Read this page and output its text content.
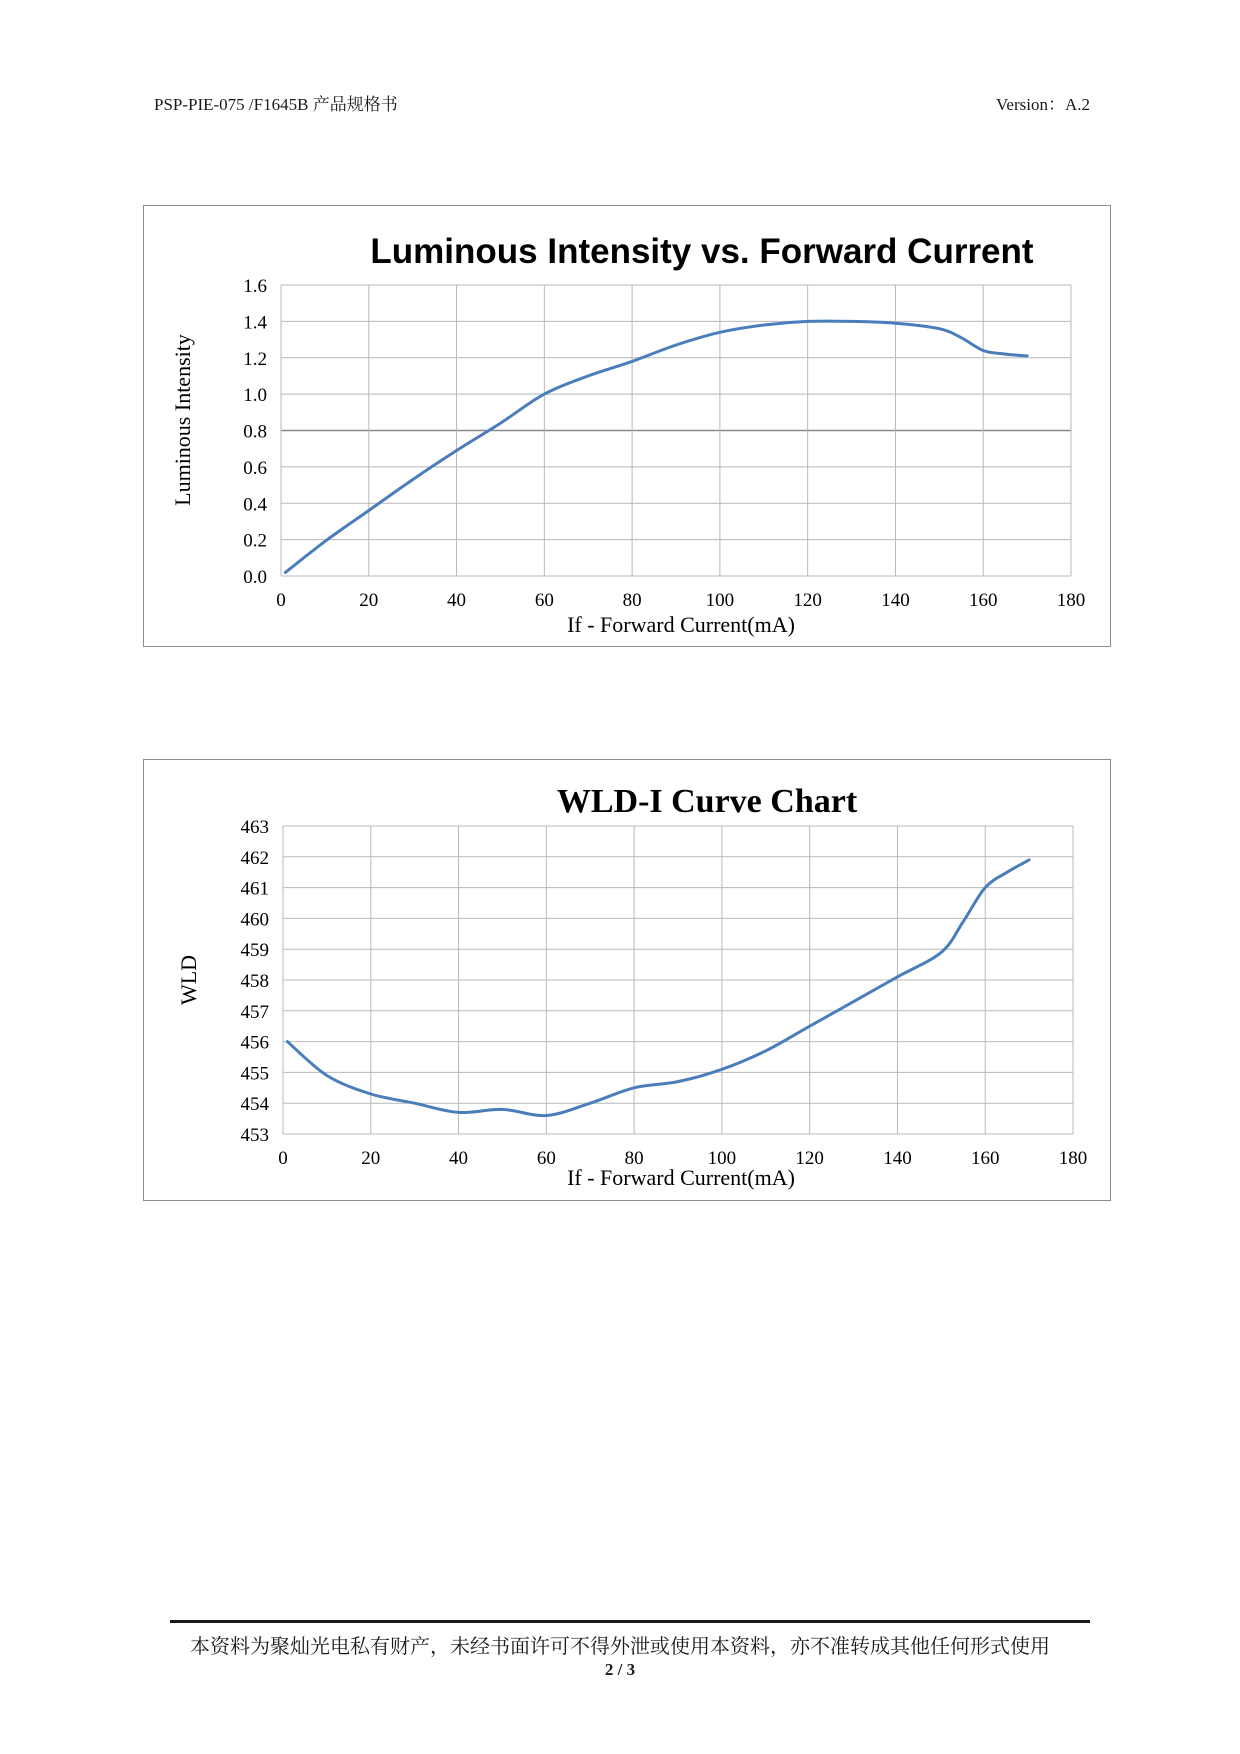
PSP-PIE-075 /F1645B 产品规格书	Version：A.2
Luminous Intensity vs. Forward Current
Luminous Intensity
If - Forward Current(mA)
0.0
0.2
0.4
0.6
0.8
1.0
1.2
1.4
1.6
0	20	40	60	80	100	120	140	160	180
WLD-I Curve Chart
WLD
If - Forward Current(mA)
453
454
455
456
457
458
459
460
461
462
463
0	20	40	60	80	100	120	140	160	180
本资料为聚灿光电私有财产，未经书面许可不得外泄或使用本资料，亦不准转成其他任何形式使用
2 / 3
